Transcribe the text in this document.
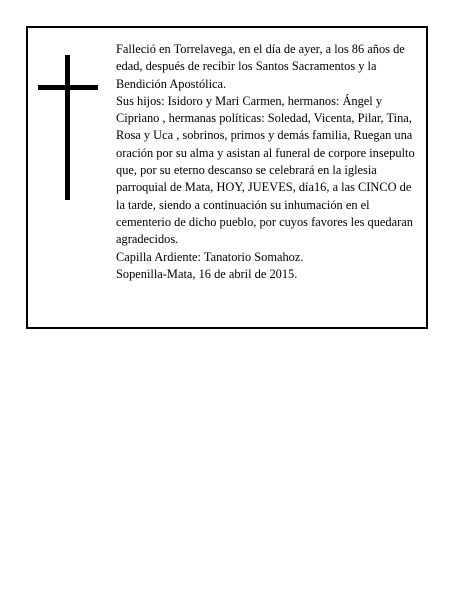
Falleció en Torrelavega, en el día de ayer, a los 86 años de edad, después de recibir los Santos Sacramentos y la Bendición Apostólica.

Sus hijos: Isidoro y Mari Carmen, hermanos: Ángel y Cipriano , hermanas políticas: Soledad, Vicenta, Pilar, Tina, Rosa y Uca , sobrinos, primos y demás familia, Ruegan una oración por su alma y asistan al funeral de corpore insepulto que, por su eterno descanso se celebrará en la iglesia parroquial de Mata, HOY, JUEVES, día16, a las CINCO de la tarde, siendo a continuación su inhumación en el cementerio de dicho pueblo, por cuyos favores les quedaran agradecidos.

Capilla Ardiente: Tanatorio Somahoz.

Sopenilla-Mata, 16 de abril de 2015.
